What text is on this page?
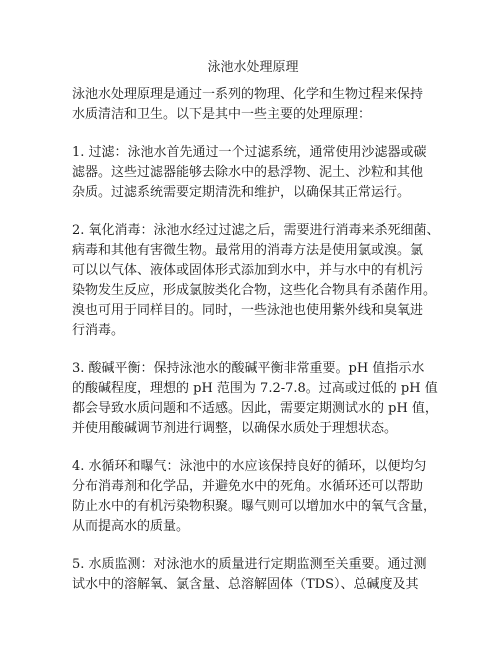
泳池水处理原理
泳池水处理原理是通过一系列的物理、化学和生物过程来保持
水质清洁和卫生。以下是其中一些主要的处理原理：
1. 过滤：泳池水首先通过一个过滤系统，通常使用沙滤器或碳
滤器。这些过滤器能够去除水中的悬浮物、泥土、沙粒和其他
杂质。过滤系统需要定期清洗和维护，以确保其正常运行。
2. 氧化消毒：泳池水经过过滤之后，需要进行消毒来杀死细菌、
病毒和其他有害微生物。最常用的消毒方法是使用氯或溴。氯
可以以气体、液体或固体形式添加到水中，并与水中的有机污
染物发生反应，形成氯胺类化合物，这些化合物具有杀菌作用。
溴也可用于同样目的。同时，一些泳池也使用紫外线和臭氧进
行消毒。
3. 酸碱平衡：保持泳池水的酸碱平衡非常重要。pH 值指示水
的酸碱程度，理想的 pH 范围为 7.2-7.8。过高或过低的 pH 值
都会导致水质问题和不适感。因此，需要定期测试水的 pH 值，
并使用酸碱调节剂进行调整，以确保水质处于理想状态。
4. 水循环和曝气：泳池中的水应该保持良好的循环，以便均匀
分布消毒剂和化学品，并避免水中的死角。水循环还可以帮助
防止水中的有机污染物积聚。曝气则可以增加水中的氧气含量，
从而提高水的质量。
5. 水质监测：对泳池水的质量进行定期监测至关重要。通过测
试水中的溶解氧、氯含量、总溶解固体（TDS）、总碱度及其
